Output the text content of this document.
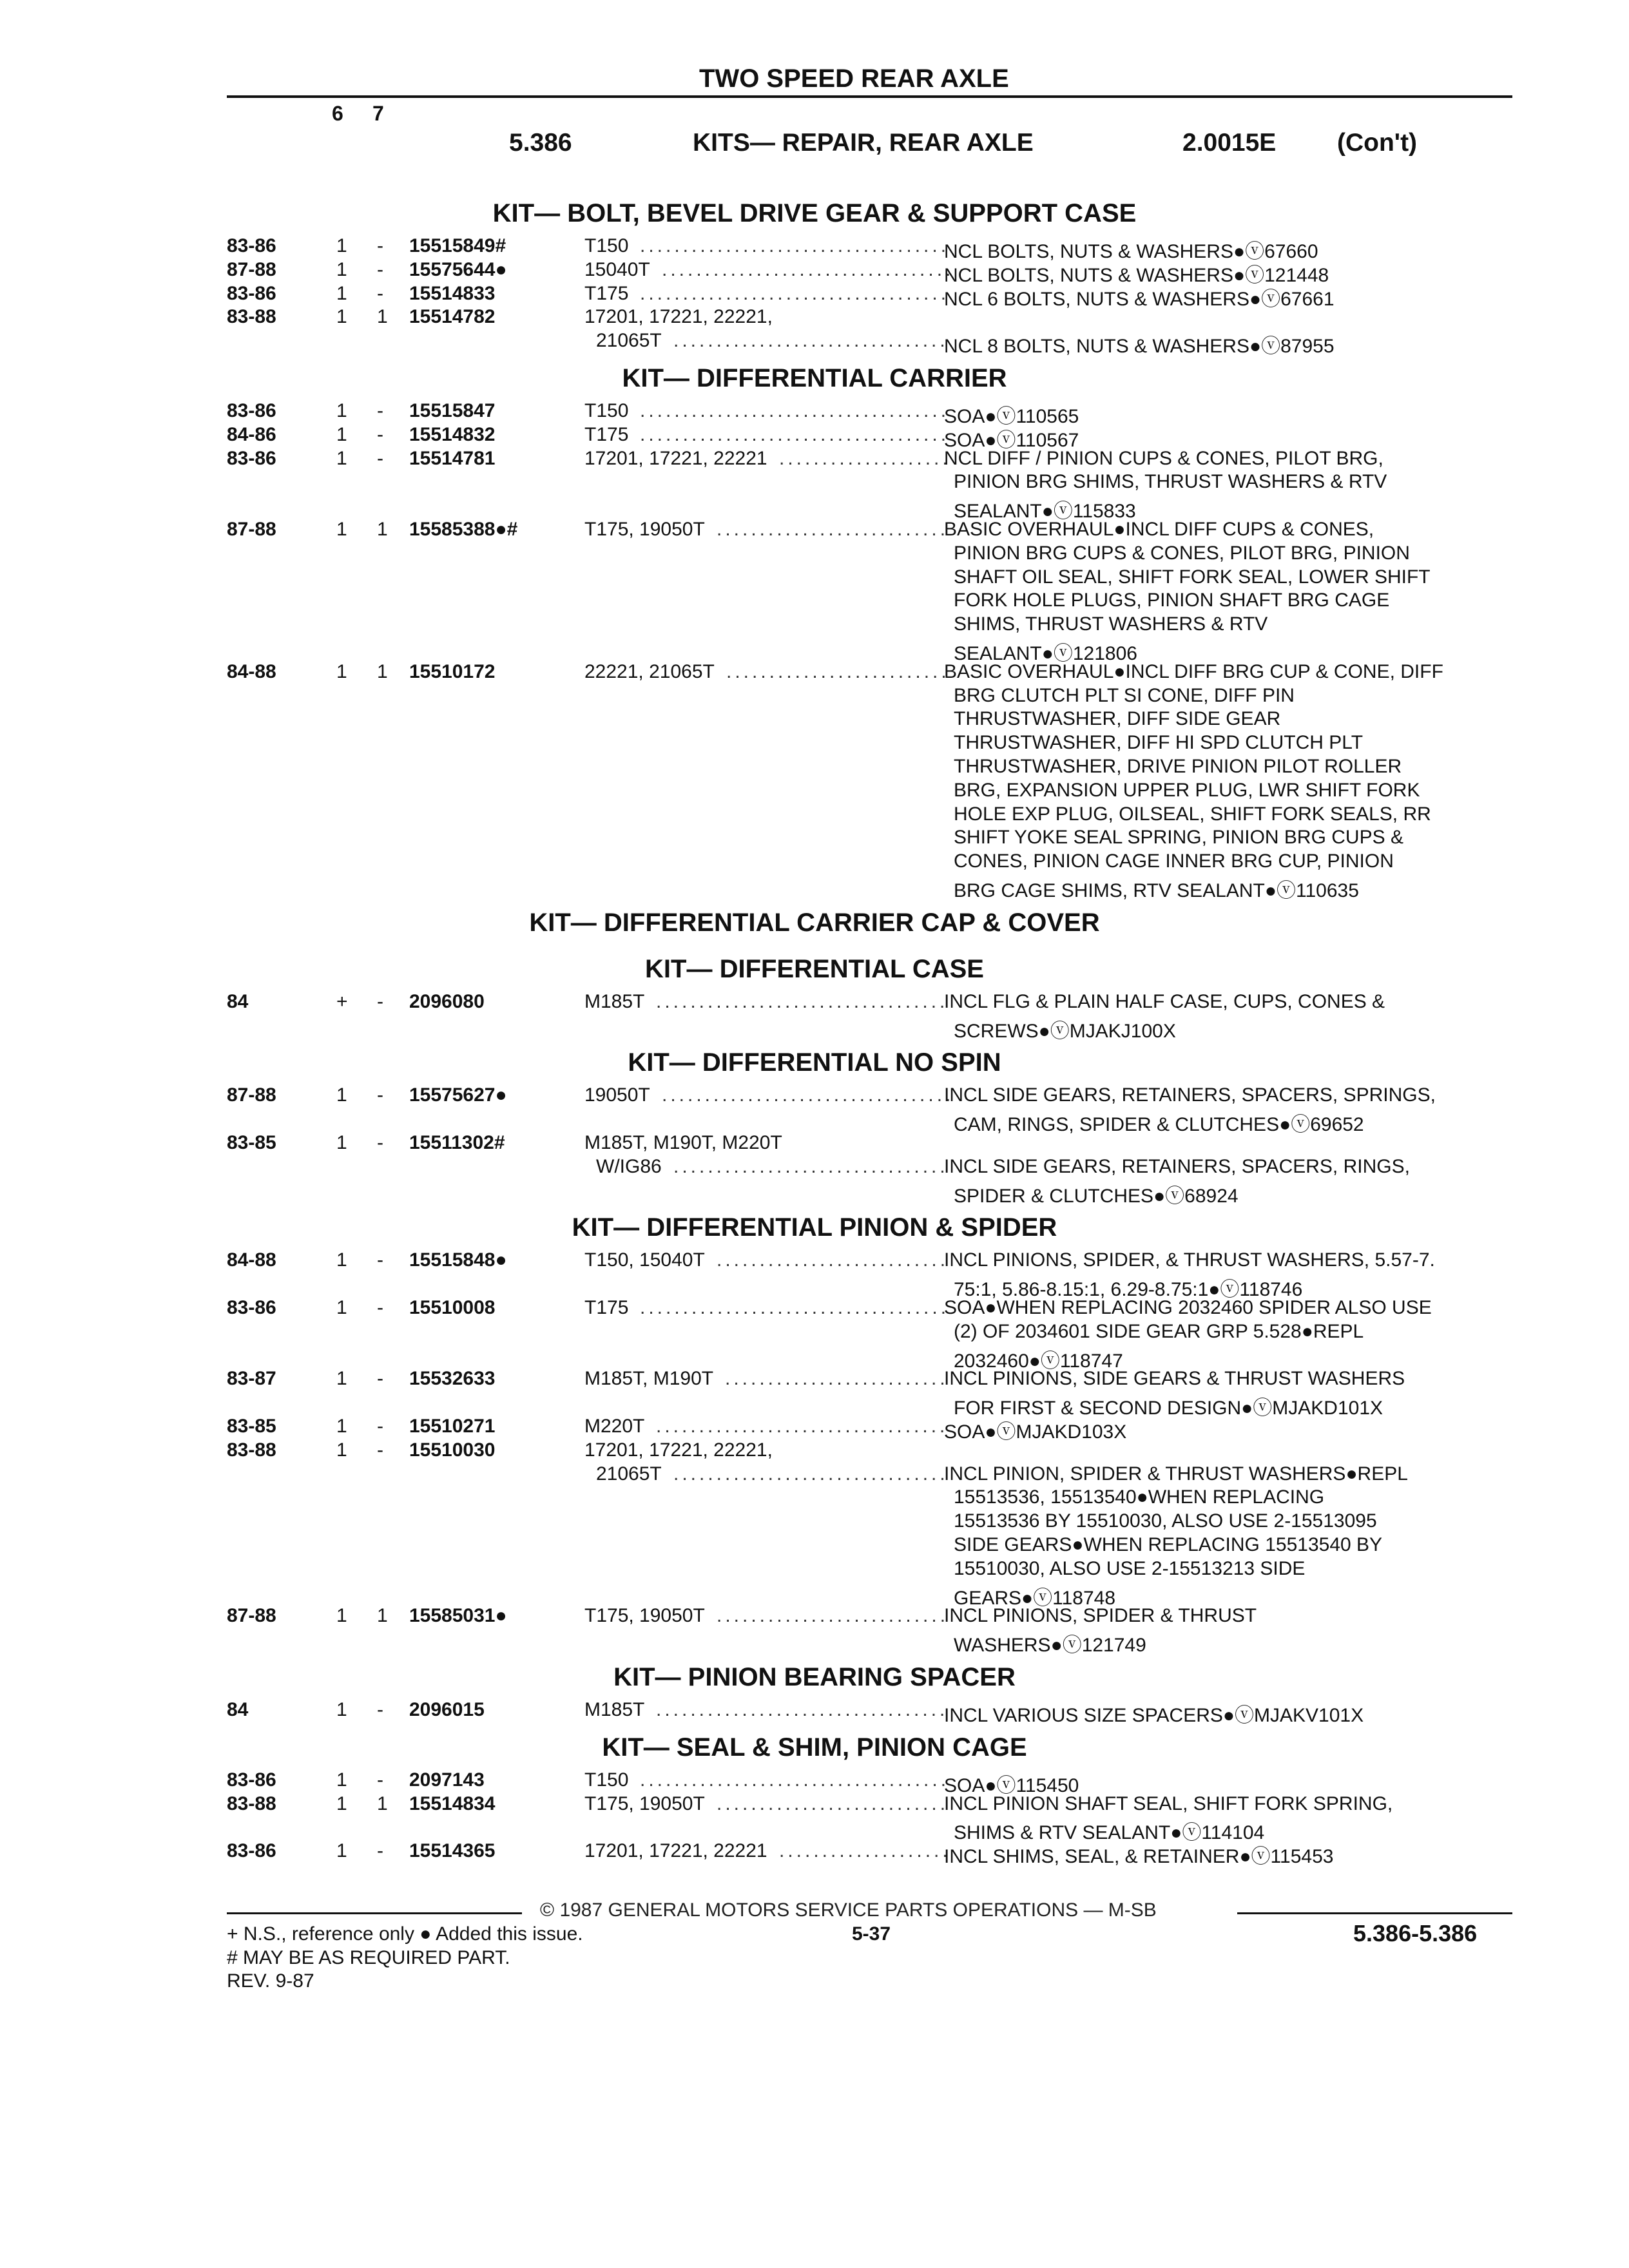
TWO SPEED REAR AXLE
6 7
5.386	KITS— REPAIR, REAR AXLE	2.0015E (Con't)
KIT— BOLT, BEVEL DRIVE GEAR & SUPPORT CASE
83-86	1 - 15515849#	T150 ....................................
NCL BOLTS, NUTS & WASHERS●ⓥ67660
87-88	1 - 15575644●	15040T ..................................
NCL BOLTS, NUTS & WASHERS●ⓥ121448
83-86	1 - 15514833	T175 ....................................
NCL 6 BOLTS, NUTS & WASHERS●ⓥ67661
83-88	1 1 15514782	17201, 17221, 22221,
21065T ................................
NCL 8 BOLTS, NUTS & WASHERS●ⓥ87955
KIT— DIFFERENTIAL CARRIER
83-86	1 - 15515847	T150 ....................................
SOA●ⓥ110565
84-86	1 - 15514832	T175 ....................................
SOA●ⓥ110567
83-86	1 - 15514781	17201, 17221, 22221 ....................
NCL DIFF / PINION CUPS & CONES, PILOT BRG,
PINION BRG SHIMS, THRUST WASHERS & RTV
SEALANT●ⓥ115833
87-88	1 1 15585388●#	T175, 19050T ...........................
BASIC OVERHAUL●INCL DIFF CUPS & CONES,
PINION BRG CUPS & CONES, PILOT BRG, PINION
SHAFT OIL SEAL, SHIFT FORK SEAL, LOWER SHIFT
FORK HOLE PLUGS, PINION SHAFT BRG CAGE
SHIMS, THRUST WASHERS & RTV
SEALANT●ⓥ121806
84-88	1 1 15510172	22221, 21065T ..........................
BASIC OVERHAUL●INCL DIFF BRG CUP & CONE, DIFF
BRG CLUTCH PLT SI CONE, DIFF PIN
THRUSTWASHER, DIFF SIDE GEAR
THRUSTWASHER, DIFF HI SPD CLUTCH PLT
THRUSTWASHER, DRIVE PINION PILOT ROLLER
BRG, EXPANSION UPPER PLUG, LWR SHIFT FORK
HOLE EXP PLUG, OILSEAL, SHIFT FORK SEALS, RR
SHIFT YOKE SEAL SPRING, PINION BRG CUPS &
CONES, PINION CAGE INNER BRG CUP, PINION
BRG CAGE SHIMS, RTV SEALANT●ⓥ110635
KIT— DIFFERENTIAL CARRIER CAP & COVER
KIT— DIFFERENTIAL CASE
84	+ - 2096080	M185T ..................................
INCL FLG & PLAIN HALF CASE, CUPS, CONES &
SCREWS●ⓥMJAKJ100X
KIT— DIFFERENTIAL NO SPIN
87-88	1 - 15575627●	19050T ..................................
INCL SIDE GEARS, RETAINERS, SPACERS, SPRINGS,
CAM, RINGS, SPIDER & CLUTCHES●ⓥ69652
83-85	1 - 15511302#	M185T, M190T, M220T
W/IG86 ................................
INCL SIDE GEARS, RETAINERS, SPACERS, RINGS,
SPIDER & CLUTCHES●ⓥ68924
KIT— DIFFERENTIAL PINION & SPIDER
84-88	1 - 15515848●	T150, 15040T ...........................
INCL PINIONS, SPIDER, & THRUST WASHERS, 5.57-7.
75:1, 5.86-8.15:1, 6.29-8.75:1●ⓥ118746
83-86	1 - 15510008	T175 ....................................
SOA●WHEN REPLACING 2032460 SPIDER ALSO USE
(2) OF 2034601 SIDE GEAR GRP 5.528●REPL
2032460●ⓥ118747
83-87	1 - 15532633	M185T, M190T ..........................
INCL PINIONS, SIDE GEARS & THRUST WASHERS
FOR FIRST & SECOND DESIGN●ⓥMJAKD101X
83-85	1 - 15510271	M220T ..................................
SOA●ⓥMJAKD103X
83-88	1 - 15510030	17201, 17221, 22221,
21065T ................................
INCL PINION, SPIDER & THRUST WASHERS●REPL
15513536, 15513540●WHEN REPLACING
15513536 BY 15510030, ALSO USE 2-15513095
SIDE GEARS●WHEN REPLACING 15513540 BY
15510030, ALSO USE 2-15513213 SIDE
GEARS●ⓥ118748
87-88	1 1 15585031●	T175, 19050T ...........................
INCL PINIONS, SPIDER & THRUST
WASHERS●ⓥ121749
KIT— PINION BEARING SPACER
84	1 - 2096015	M185T ..................................
INCL VARIOUS SIZE SPACERS●ⓥMJAKV101X
KIT— SEAL & SHIM, PINION CAGE
83-86	1 - 2097143	T150 ....................................
SOA●ⓥ115450
83-88	1 1 15514834	T175, 19050T ...........................
INCL PINION SHAFT SEAL, SHIFT FORK SPRING,
SHIMS & RTV SEALANT●ⓥ114104
83-86	1 - 15514365	17201, 17221, 22221 ....................
INCL SHIMS, SEAL, & RETAINER●ⓥ115453
© 1987 GENERAL MOTORS SERVICE PARTS OPERATIONS — M-SB
+ N.S., reference only ● Added this issue.	5-37	5.386-5.386
# MAY BE AS REQUIRED PART.
REV. 9-87
